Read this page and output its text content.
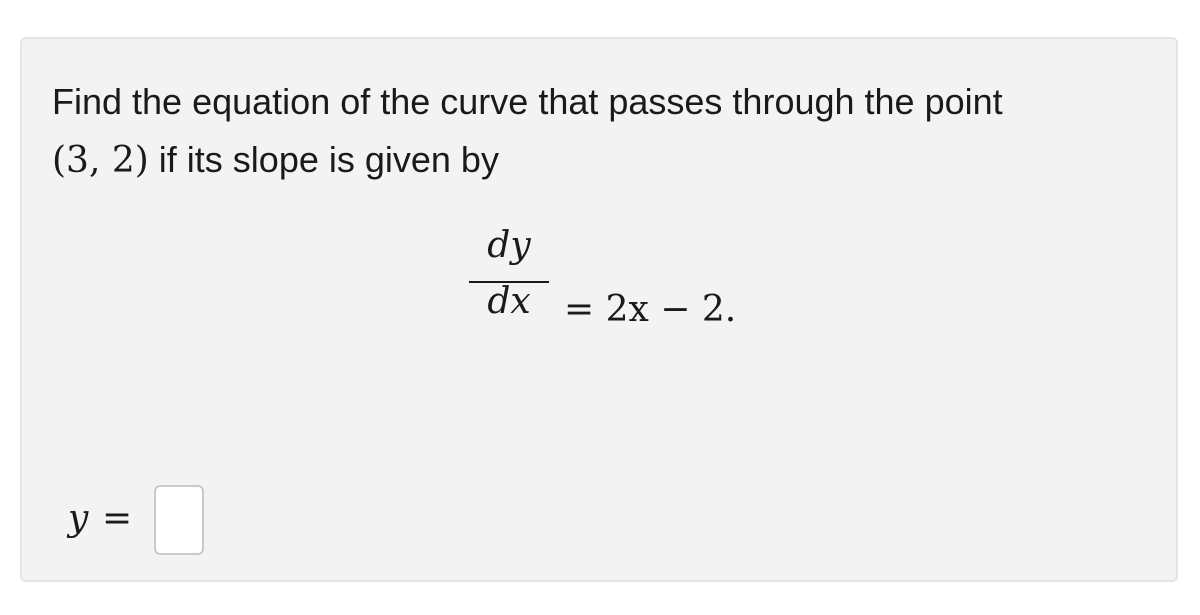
Find the equation of the curve that passes through the point
(3, 2) if its slope is given by
dy
dx = 2x − 2.
y =
